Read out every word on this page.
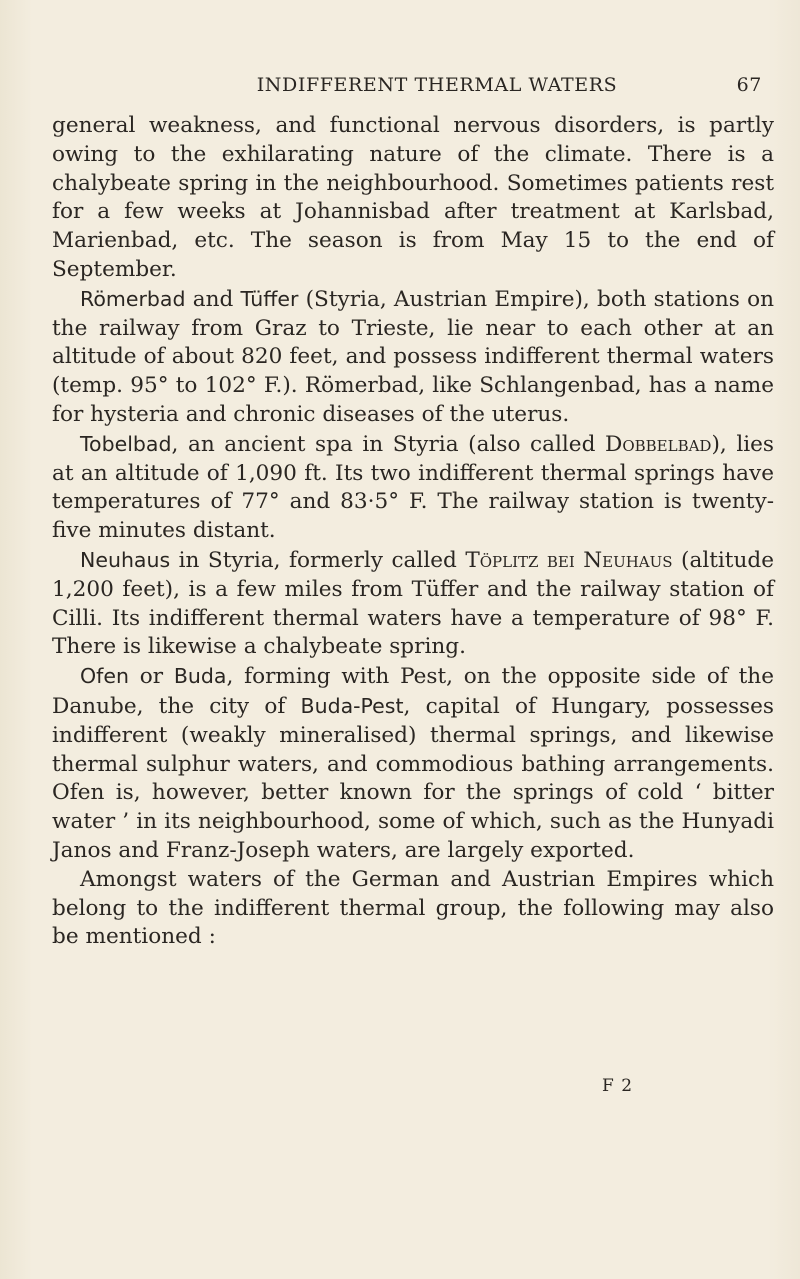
INDIFFERENT THERMAL WATERS	67

general weakness, and functional nervous disorders, is partly owing to the exhilarating nature of the climate. There is a chalybeate spring in the neighbourhood. Sometimes patients rest for a few weeks at Johannisbad after treatment at Karlsbad, Marienbad, etc. The season is from May 15 to the end of September.

Römerbad and Tüffer (Styria, Austrian Empire), both stations on the railway from Graz to Trieste, lie near to each other at an altitude of about 820 feet, and possess indifferent thermal waters (temp. 95° to 102° F.). Römerbad, like Schlangenbad, has a name for hysteria and chronic diseases of the uterus.

Tobelbad, an ancient spa in Styria (also called Dobbelbad), lies at an altitude of 1,090 ft. Its two indifferent thermal springs have temperatures of 77° and 83·5° F. The railway station is twenty-five minutes distant.

Neuhaus in Styria, formerly called Töplitz bei Neuhaus (altitude 1,200 feet), is a few miles from Tüffer and the railway station of Cilli. Its indifferent thermal waters have a temperature of 98° F. There is likewise a chalybeate spring.

Ofen or Buda, forming with Pest, on the opposite side of the Danube, the city of Buda-Pest, capital of Hungary, possesses indifferent (weakly mineralised) thermal springs, and likewise thermal sulphur waters, and commodious bathing arrangements. Ofen is, however, better known for the springs of cold ‘ bitter water ’ in its neighbourhood, some of which, such as the Hunyadi Janos and Franz-Joseph waters, are largely exported.

Amongst waters of the German and Austrian Empires which belong to the indifferent thermal group, the following may also be mentioned :

F 2
